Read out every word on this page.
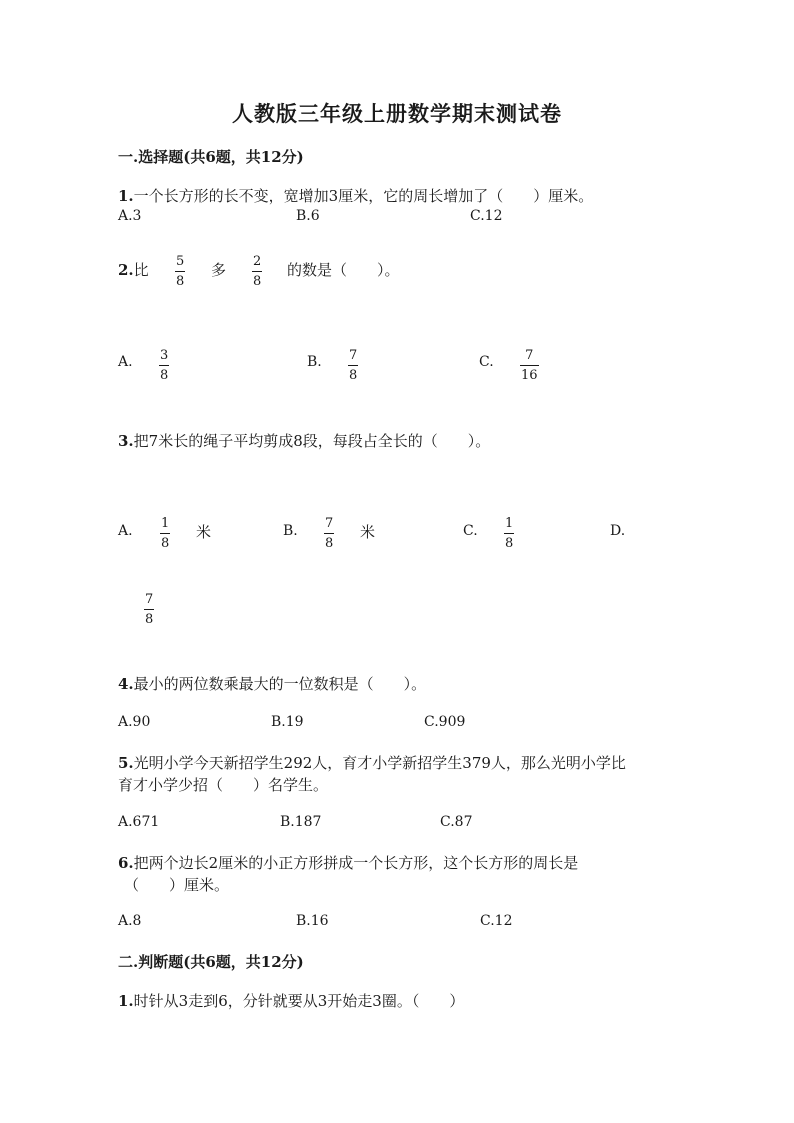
人教版三年级上册数学期末测试卷
一.选择题(共6题，共12分)
1.一个长方形的长不变，宽增加3厘米，它的周长增加了（　　）厘米。
A.3	B.6	C.12
2.比 $\frac{5}{8}$ 多 $\frac{2}{8}$ 的数是（　　）。
A. $\frac{3}{8}$	B. $\frac{7}{8}$	C. $\frac{7}{16}$
3.把7米长的绳子平均剪成8段，每段占全长的（　　）。
A. $\frac{1}{8}$ 米	B. $\frac{7}{8}$ 米	C. $\frac{1}{8}$	D.
$\frac{7}{8}$
4.最小的两位数乘最大的一位数积是（　　）。
A.90	B.19	C.909
5.光明小学今天新招学生292人，育才小学新招学生379人，那么光明小学比
育才小学少招（　　）名学生。
A.671	B.187	C.87
6.把两个边长2厘米的小正方形拼成一个长方形，这个长方形的周长是
（　　）厘米。
A.8	B.16	C.12
二.判断题(共6题，共12分)
1.时针从3走到6，分针就要从3开始走3圈。（　　）
